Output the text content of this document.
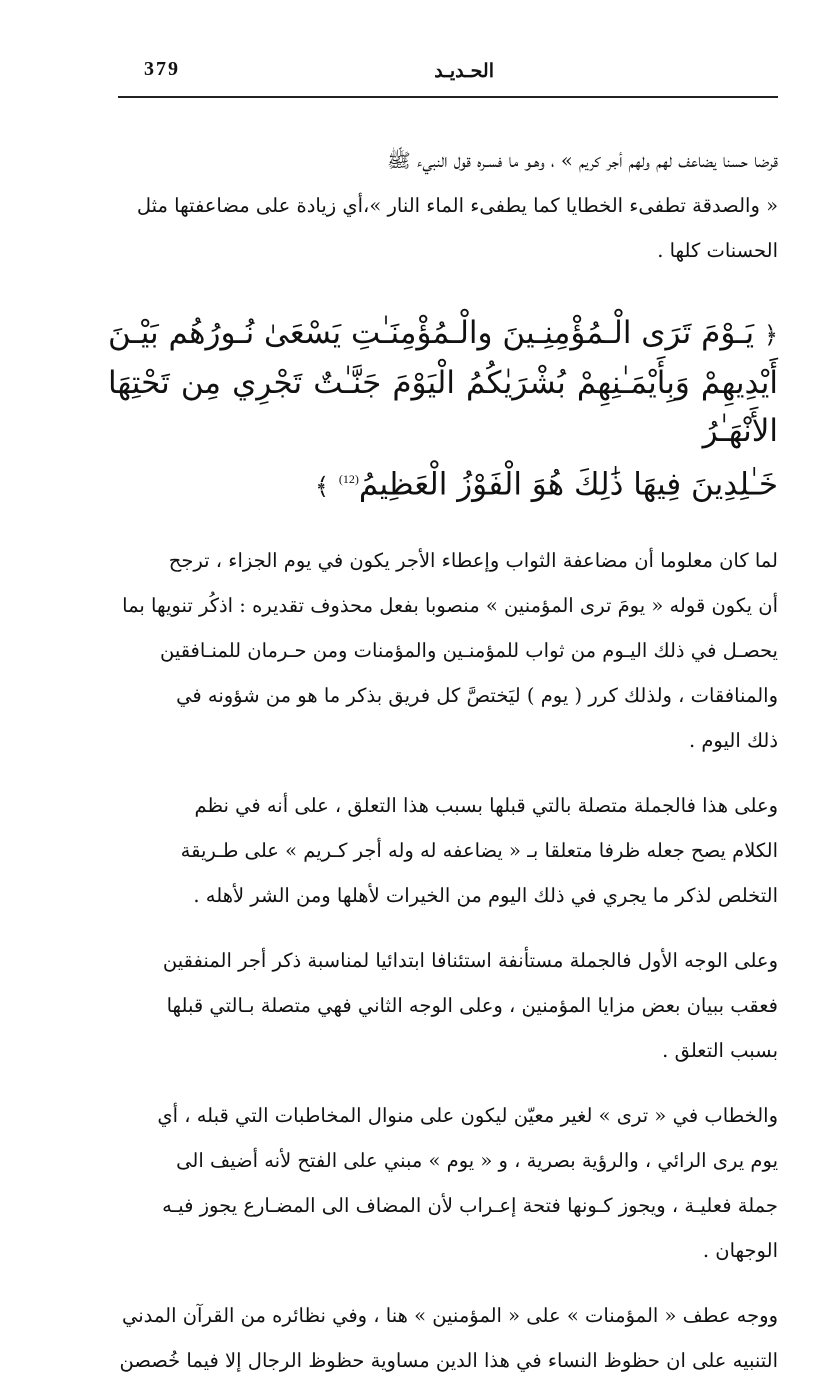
379	الحـديـد

قرضا حسنا يضاعف لهم ولهم أجر كريم » ، وهـو ما فسـره قول النبيء ﷺ

« والصدقة تطفىء الخطايا كما يطفىء الماء النار »،أي زيادة على مضاعفتها مثل

الحسنات كلها .

﴿ يَـوْمَ تَرَى الْـمُؤْمِنِـينَ والْـمُؤْمِنَـٰتِ يَسْعَىٰ نُـورُهُم بَيْـنَ
أَيْدِيهِمْ وَبِأَيْمَـٰنِهِمْ بُشْرَيٰكُمُ الْيَوْمَ جَنَّـٰتٌ تَجْرِي مِن تَحْتِهَا الأَنْهَـٰرُ
خَـٰلِدِينَ فِيهَا ذَٰلِكَ هُوَ الْفَوْزُ الْعَظِيمُ$^{(12)}$ ﴾

لما كان معلوما أن مضاعفة الثواب وإعطاء الأجر يكون في يوم الجزاء ، ترجح

أن يكون قوله « يومَ ترى المؤمنين » منصوبا بفعل محذوف تقديره : اذكُر تنويها بما

يحصـل في ذلك اليـوم من ثواب للمؤمنـين والمؤمنات ومن حـرمان للمنـافقين

والمنافقات ، ولذلك كرر ( يوم ) ليَختصَّ كل فريق بذكر ما هو من شؤونه في

ذلك اليوم .

وعلى هذا فالجملة متصلة بالتي قبلها بسبب هذا التعلق ، على أنه في نظم

الكلام يصح جعله ظرفا متعلقا بـ « يضاعفه له وله أجر كـريم » على طـريقة

التخلص لذكر ما يجري في ذلك اليوم من الخيرات لأهلها ومن الشر لأهله .

وعلى الوجه الأول فالجملة مستأنفة استئنافا ابتدائيا لمناسبة ذكر أجر المنفقين

فعقب ببيان بعض مزايا المؤمنين ، وعلى الوجه الثاني فهي متصلة بـالتي قبلها

بسبب التعلق .

والخطاب في « ترى » لغير معيّن ليكون على منوال المخاطبات التي قبله ، أي

يوم يرى الرائي ، والرؤية بصرية ، و « يوم » مبني على الفتح لأنه أضيف الى

جملة فعليـة ، ويجوز كـونها فتحة إعـراب لأن المضاف الى المضـارع يجوز فيـه

الوجهان .

ووجه عطف « المؤمنات » على « المؤمنين » هنا ، وفي نظائره من القرآن المدني

التنبيه على ان حظوظ النساء في هذا الدين مساوية حظوظ الرجال إلا فيما خُصصن
